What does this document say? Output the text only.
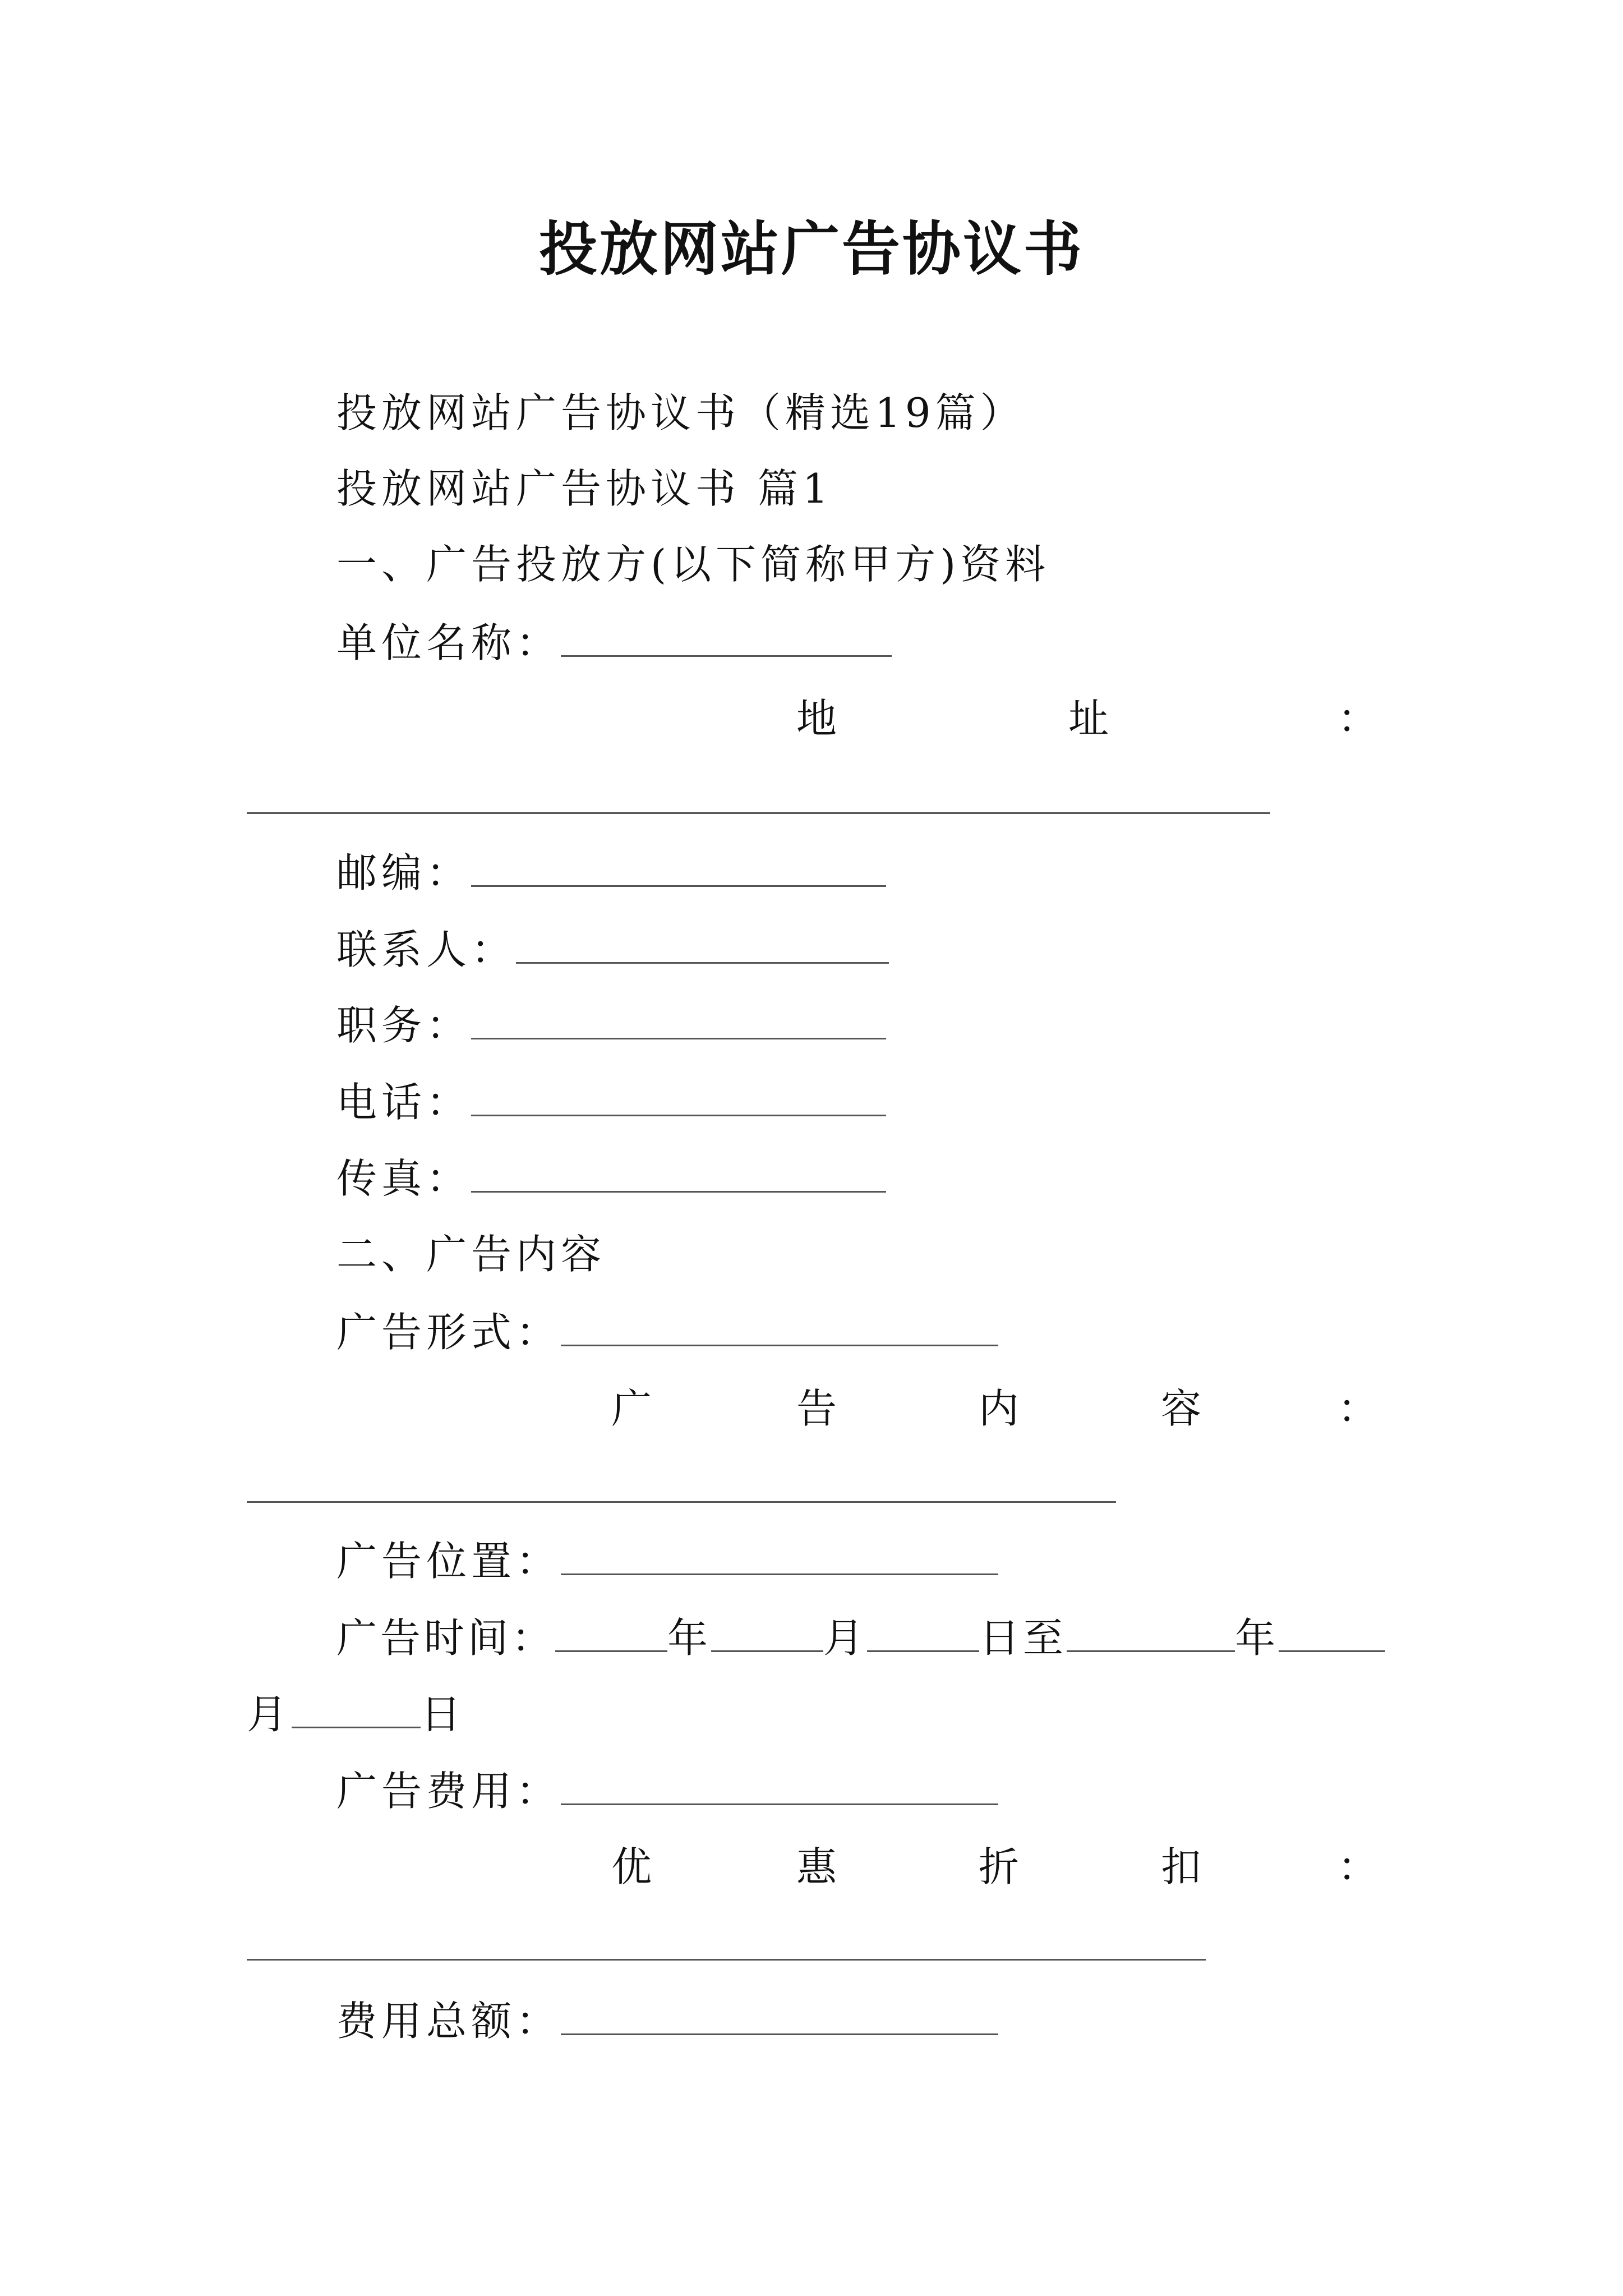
投放网站广告协议书
投放网站广告协议书（精选19篇）
投放网站广告协议书 篇1
一、广告投放方(以下简称甲方)资料
单位名称：
地	址	：
邮编：
联系人：
职务：
电话：
传真：
二、广告内容
广告形式：
广	告	内	容	：
广告位置：
广告时间：	年	月	日至	年
月	日
广告费用：
优	惠	折	扣	：
费用总额：
